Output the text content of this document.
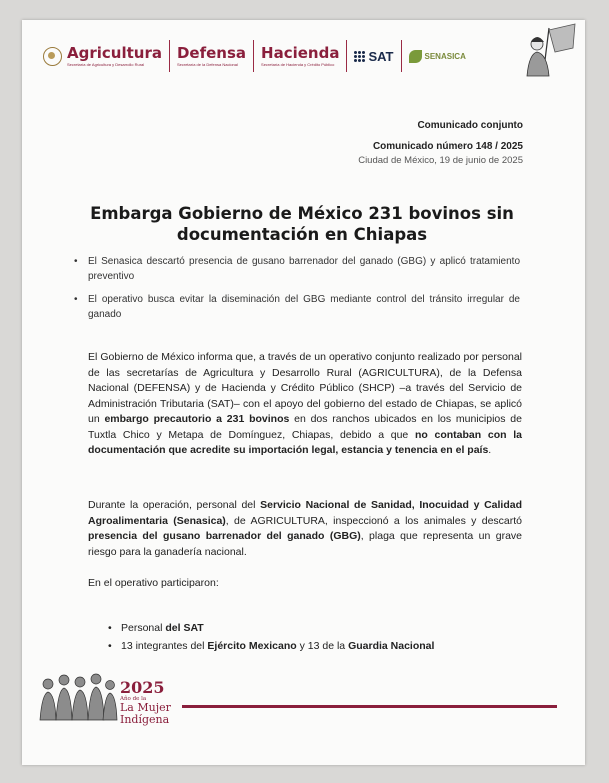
Agricultura
Secretaría de Agricultura y Desarrollo Rural
Defensa
Secretaría de la Defensa Nacional
Hacienda
Secretaría de Hacienda y Crédito Público
SAT	SENASICA
Comunicado conjunto
Comunicado número 148 / 2025
Ciudad de México, 19 de junio de 2025
Embarga Gobierno de México 231 bovinos sin documentación en Chiapas
• El Senasica descartó presencia de gusano barrenador del ganado (GBG) y aplicó tratamiento preventivo
• El operativo busca evitar la diseminación del GBG mediante control del tránsito irregular de ganado
El Gobierno de México informa que, a través de un operativo conjunto realizado por personal de las secretarías de Agricultura y Desarrollo Rural (AGRICULTURA), de la Defensa Nacional (DEFENSA) y de Hacienda y Crédito Público (SHCP) –a través del Servicio de Administración Tributaria (SAT)– con el apoyo del gobierno del estado de Chiapas, se aplicó un embargo precautorio a 231 bovinos en dos ranchos ubicados en los municipios de Tuxtla Chico y Metapa de Domínguez, Chiapas, debido a que no contaban con la documentación que acredite su importación legal, estancia y tenencia en el país.
Durante la operación, personal del Servicio Nacional de Sanidad, Inocuidad y Calidad Agroalimentaria (Senasica), de AGRICULTURA, inspeccionó a los animales y descartó presencia del gusano barrenador del ganado (GBG), plaga que representa un grave riesgo para la ganadería nacional.
En el operativo participaron:
• Personal del SAT
• 13 integrantes del Ejército Mexicano y 13 de la Guardia Nacional
2025
Año de la
La Mujer
Indígena
